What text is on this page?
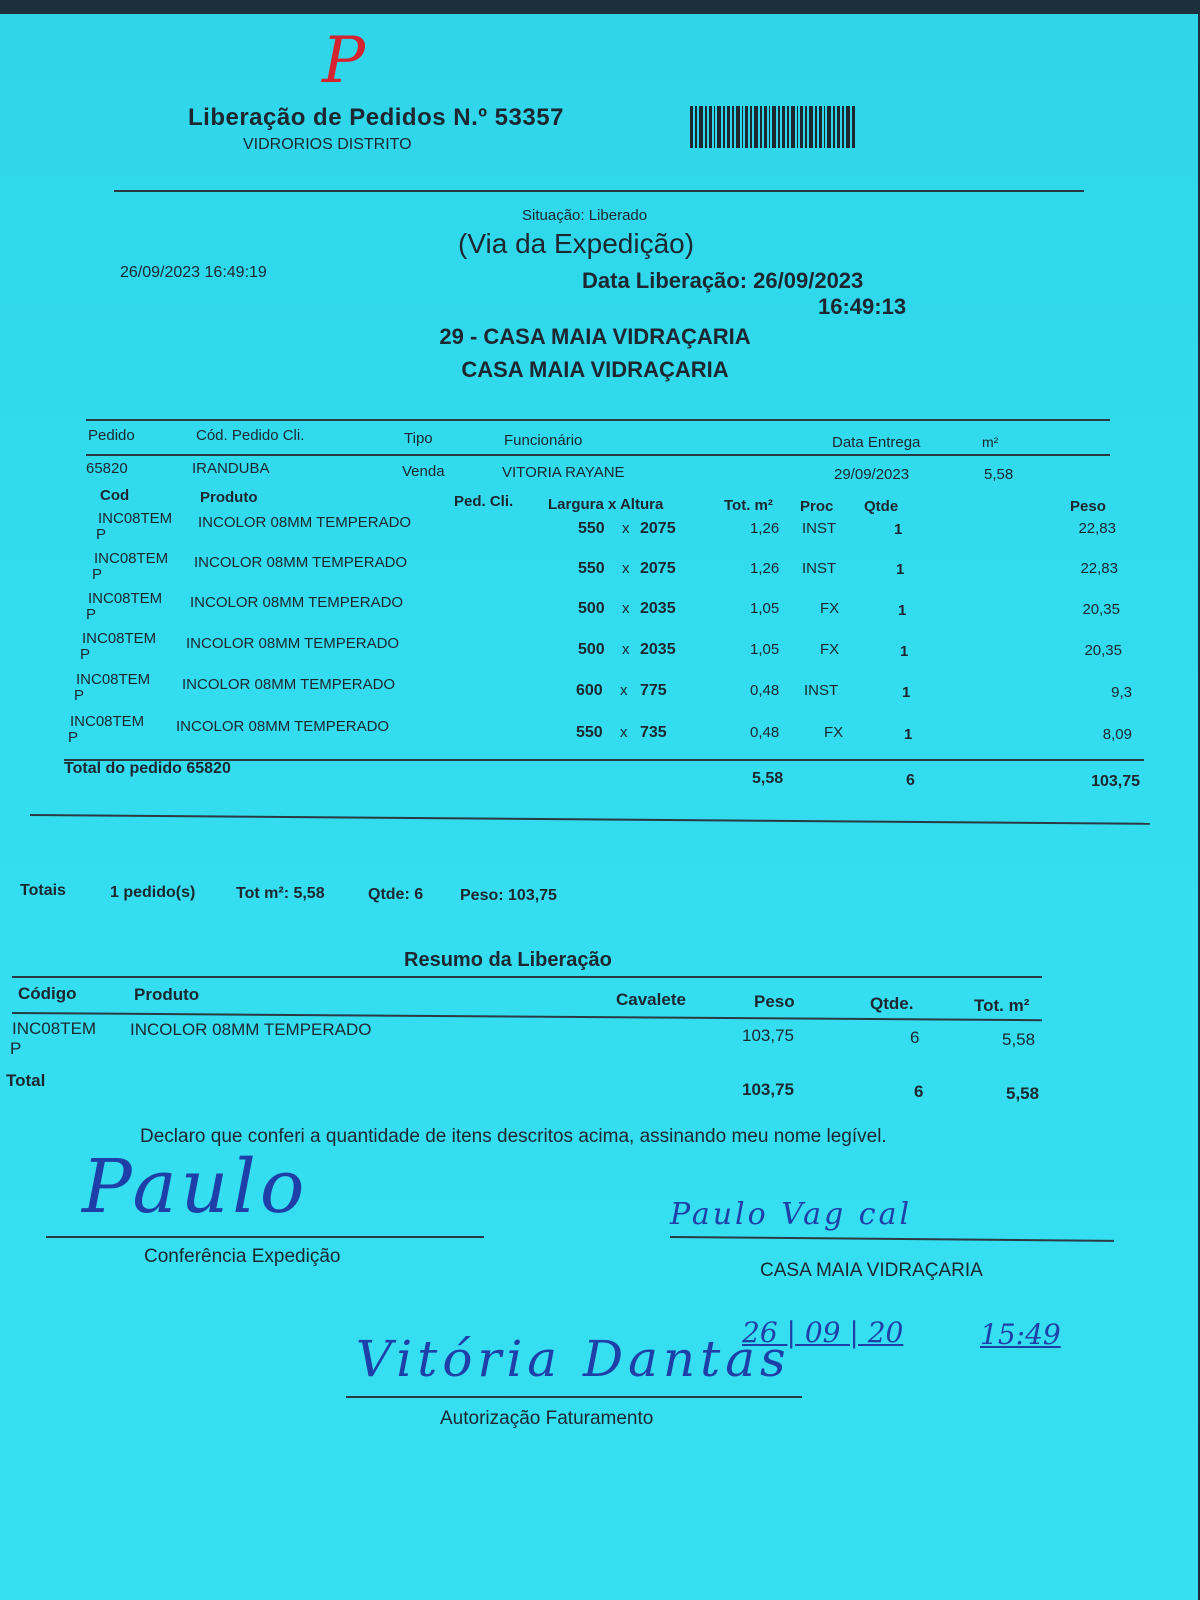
P
Liberação de Pedidos N.º 53357
VIDRORIOS DISTRITO
Situação: Liberado
(Via da Expedição)
26/09/2023 16:49:19	Data Liberação: 26/09/2023
16:49:13
29 - CASA MAIA VIDRAÇARIA
CASA MAIA VIDRAÇARIA
Pedido	Cód. Pedido Cli.	Tipo	Funcionário	Data Entrega	m²
65820	IRANDUBA	Venda	VITORIA RAYANE	29/09/2023	5,58
Cod	Produto	Ped. Cli. Largura x Altura	Tot. m² Proc Qtde	Peso
INC08TEM
P
INCOLOR 08MM TEMPERADO	550 x 2075	1,26 INST	1	22,83
INC08TEM
P
INCOLOR 08MM TEMPERADO	550 x 2075	1,26 INST	1	22,83
INC08TEM
P
INCOLOR 08MM TEMPERADO	500 x 2035	1,05	FX	1	20,35
INC08TEM
P
INCOLOR 08MM TEMPERADO	500 x 2035	1,05	FX	1	20,35
INC08TEM
P
INCOLOR 08MM TEMPERADO	600 x 775	0,48 INST	1	9,3
INC08TEM
P
INCOLOR 08MM TEMPERADO	550 x 735	0,48	FX	1	8,09
Total do pedido 65820
5,58	6	103,75
Totais	1 pedido(s)	Tot m²: 5,58	Qtde: 6 Peso: 103,75
Resumo da Liberação
Código	Produto	Cavalete	Peso	Qtde.	Tot. m²
INC08TEM
P
INCOLOR 08MM TEMPERADO	103,75	6	5,58
Total	103,75	6	5,58
Declaro que conferi a quantidade de itens descritos acima, assinando meu nome legível.
Paulo
Conferência Expedição
Paulo Vag cal
CASA MAIA VIDRAÇARIA
26 | 09 | 20	15:49
Vitória Dantas
Autorização Faturamento
